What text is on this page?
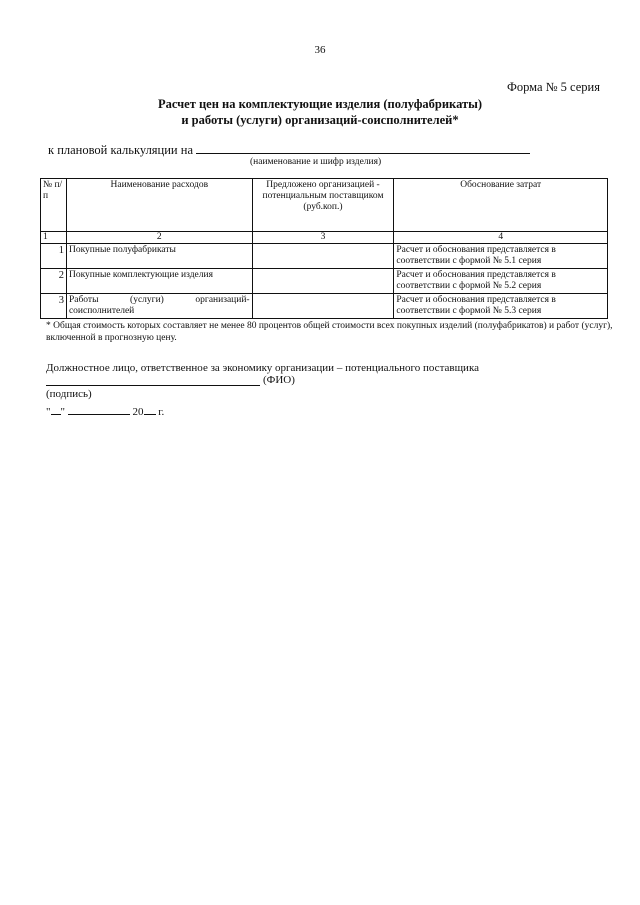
36
Форма № 5 серия
Расчет цен на комплектующие изделия (полуфабрикаты)
и работы (услуги) организаций-соисполнителей*
к плановой калькуляции на
(наименование и шифр изделия)
№ п/п	Наименование расходов	Предложено организацией - потенциальным поставщиком (руб.коп.)	Обоснование затрат
1	2	3	4
1	Покупные полуфабрикаты		Расчет и обоснования представляется в соответствии с формой № 5.1 серия
2	Покупные комплектующие изделия		Расчет и обоснования представляется в соответствии с формой № 5.2 серия
3	Работы (услуги) организаций-соисполнителей		Расчет и обоснования представляется в соответствии с формой № 5.3 серия
* Общая стоимость которых составляет не менее 80 процентов общей стоимости всех покупных изделий (полуфабрикатов) и работ (услуг), включенной в прогнозную цену.
Должностное лицо, ответственное за экономику организации – потенциального поставщика
(ФИО)
(подпись)
" "	20 г.
